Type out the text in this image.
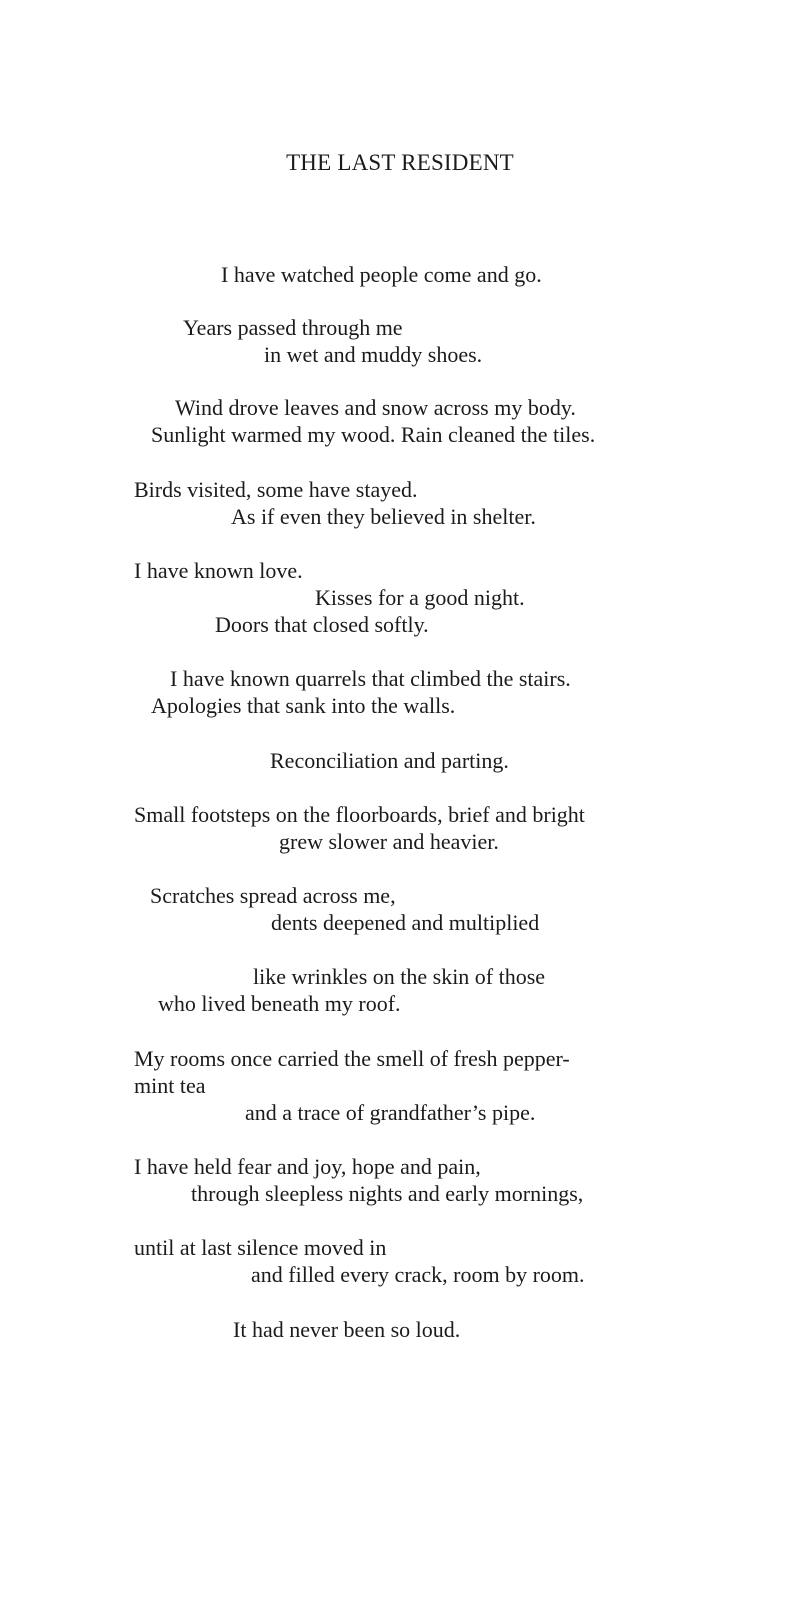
THE LAST RESIDENT

I have watched people come and go.

Years passed through me

in wet and muddy shoes.

Wind drove leaves and snow across my body.

Sunlight warmed my wood. Rain cleaned the tiles.

Birds visited, some have stayed.

As if even they believed in shelter.

I have known love.

Kisses for a good night.

Doors that closed softly.

I have known quarrels that climbed the stairs.

Apologies that sank into the walls.

Reconciliation and parting.

Small footsteps on the floorboards, brief and bright

grew slower and heavier.

Scratches spread across me,

dents deepened and multiplied

like wrinkles on the skin of those

who lived beneath my roof.

My rooms once carried the smell of fresh pepper-

mint tea

and a trace of grandfather’s pipe.

I have held fear and joy, hope and pain,

through sleepless nights and early mornings,

until at last silence moved in

and filled every crack, room by room.

It had never been so loud.
